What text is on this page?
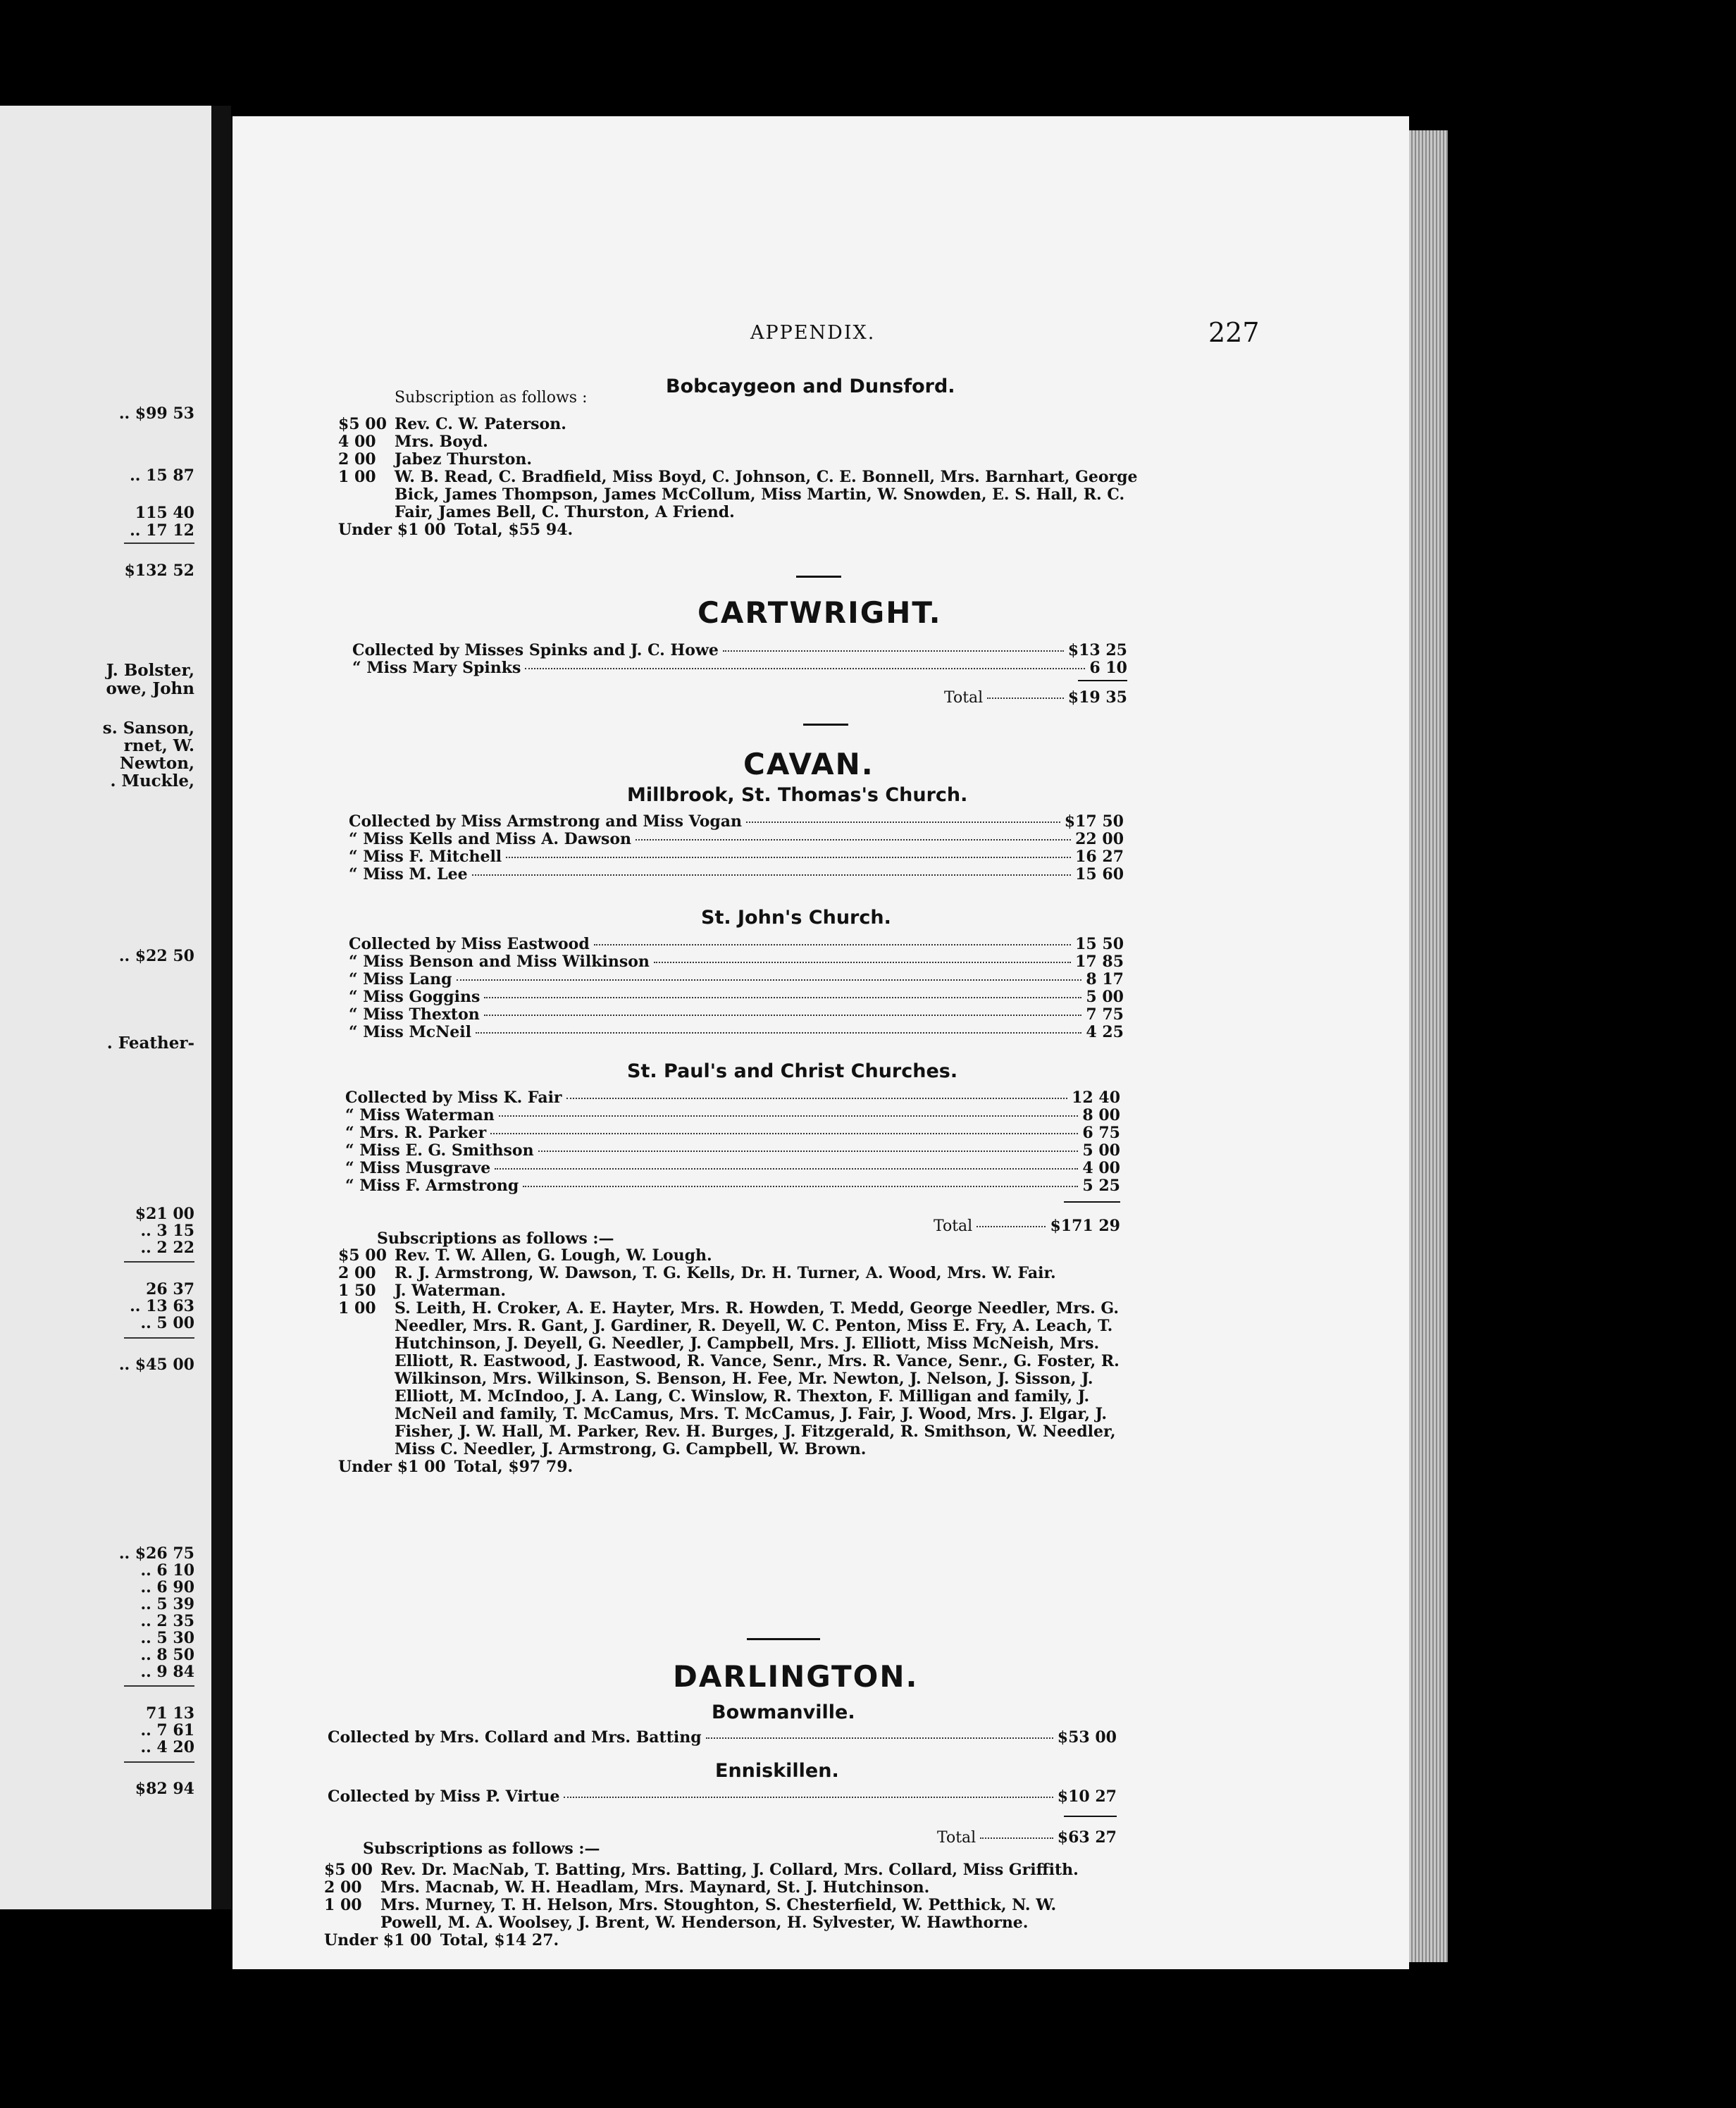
.. $99 53
.. 15 87
115 40
.. 17 12
$132 52
.. $22 50
$21 00
.. 3 15
.. 2 22
26 37
.. 13 63
.. 5 00
.. $45 00
.. $26 75
.. 6 10
.. 6 90
.. 5 39
.. 2 35
.. 5 30
.. 8 50
.. 9 84
71 13
.. 7 61
.. 4 20
$82 94
J. Bolster,
owe, John
s. Sanson,
rnet, W.
Newton,
. Muckle,
. Feather-
APPENDIX.	227
Bobcaygeon and Dunsford.
Subscription as follows :
$5 00 Rev. C. W. Paterson.
4 00	Mrs. Boyd.
2 00	Jabez Thurston.
1 00	W. B. Read, C. Bradfield, Miss Boyd, C. Johnson, C. E. Bonnell, Mrs. Barnhart, George Bick, James Thompson, James McCollum, Miss Martin, W. Snowden, E. S. Hall, R. C. Fair, James Bell, C. Thurston, A Friend.
Under $1 00 Total, $55 94.
CARTWRIGHT.
Collected by Misses Spinks and J. C. Howe	$13 25
“ Miss Mary Spinks	6 10
Total	$19 35
CAVAN.
Millbrook, St. Thomas's Church.
Collected by Miss Armstrong and Miss Vogan	$17 50
“ Miss Kells and Miss A. Dawson	22 00
“ Miss F. Mitchell	16 27
“ Miss M. Lee	15 60
St. John's Church.
Collected by Miss Eastwood	15 50
“ Miss Benson and Miss Wilkinson	17 85
“ Miss Lang	8 17
“ Miss Goggins	5 00
“ Miss Thexton	7 75
“ Miss McNeil	4 25
St. Paul's and Christ Churches.
Collected by Miss K. Fair	12 40
“ Miss Waterman	8 00
“ Mrs. R. Parker	6 75
“ Miss E. G. Smithson	5 00
“ Miss Musgrave	4 00
“ Miss F. Armstrong	5 25
Subscriptions as follows :—
Total	$171 29
$5 00 Rev. T. W. Allen, G. Lough, W. Lough.
2 00	R. J. Armstrong, W. Dawson, T. G. Kells, Dr. H. Turner, A. Wood, Mrs. W. Fair.
1 50	J. Waterman.
1 00	S. Leith, H. Croker, A. E. Hayter, Mrs. R. Howden, T. Medd, George Needler, Mrs. G. Needler, Mrs. R. Gant, J. Gardiner, R. Deyell, W. C. Penton, Miss E. Fry, A. Leach, T. Hutchinson, J. Deyell, G. Needler, J. Campbell, Mrs. J. Elliott, Miss McNeish, Mrs. Elliott, R. Eastwood, J. Eastwood, R. Vance, Senr., Mrs. R. Vance, Senr., G. Foster, R. Wilkinson, Mrs. Wilkinson, S. Benson, H. Fee, Mr. Newton, J. Nelson, J. Sisson, J. Elliott, M. McIndoo, J. A. Lang, C. Winslow, R. Thexton, F. Milligan and family, J. McNeil and family, T. McCamus, Mrs. T. McCamus, J. Fair, J. Wood, Mrs. J. Elgar, J. Fisher, J. W. Hall, M. Parker, Rev. H. Burges, J. Fitzgerald, R. Smithson, W. Needler, Miss C. Needler, J. Armstrong, G. Campbell, W. Brown.
Under $1 00 Total, $97 79.
DARLINGTON.
Bowmanville.
Collected by Mrs. Collard and Mrs. Batting	$53 00
Enniskillen.
Collected by Miss P. Virtue	$10 27
Total	$63 27
Subscriptions as follows :—
$5 00 Rev. Dr. MacNab, T. Batting, Mrs. Batting, J. Collard, Mrs. Collard, Miss Griffith.
2 00	Mrs. Macnab, W. H. Headlam, Mrs. Maynard, St. J. Hutchinson.
1 00	Mrs. Murney, T. H. Helson, Mrs. Stoughton, S. Chesterfield, W. Petthick, N. W. Powell, M. A. Woolsey, J. Brent, W. Henderson, H. Sylvester, W. Hawthorne.
Under $1 00 Total, $14 27.
